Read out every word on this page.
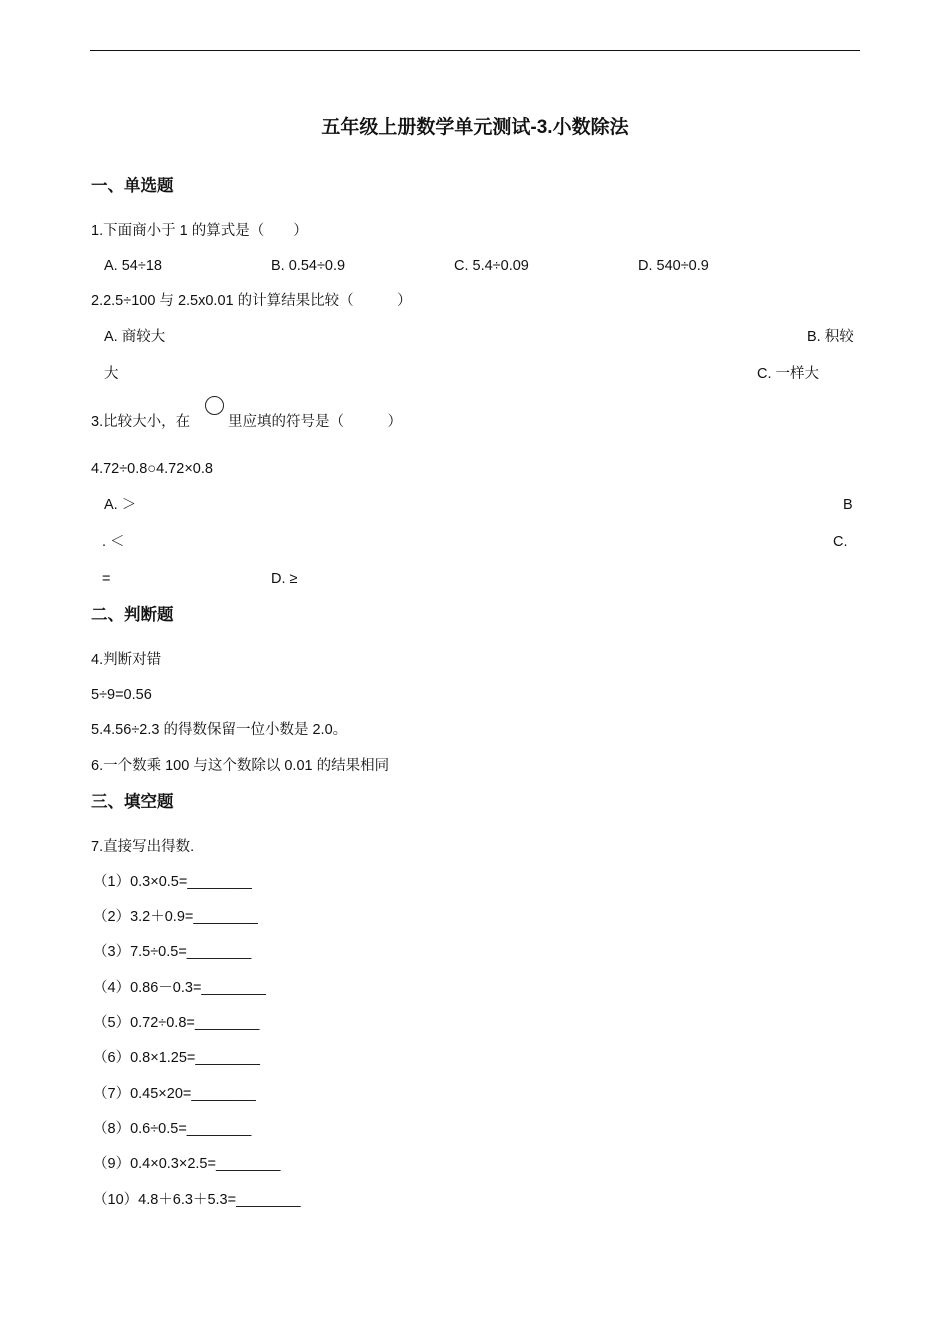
五年级上册数学单元测试-3.小数除法
一、单选题
1.下面商小于 1 的算式是（　　）
A. 54÷18	B. 0.54÷0.9	C. 5.4÷0.09	D. 540÷0.9
2.2.5÷100 与 2.5x0.01 的计算结果比较（　　　）
A. 商较大	B. 积较
大	C. 一样大
3.比较大小，在	里应填的符号是（　　　）
4.72÷0.8○4.72×0.8
A. ＞	B
. ＜	C.
=	D. ≥
二、判断题
4.判断对错
5÷9=0.56
5.4.56÷2.3 的得数保留一位小数是 2.0。
6.一个数乘 100 与这个数除以 0.01 的结果相同
三、填空题
7.直接写出得数.
（1）0.3×0.5=________
（2）3.2＋0.9=________
（3）7.5÷0.5=________
（4）0.86－0.3=________
（5）0.72÷0.8=________
（6）0.8×1.25=________
（7）0.45×20=________
（8）0.6÷0.5=________
（9）0.4×0.3×2.5=________
（10）4.8＋6.3＋5.3=________
